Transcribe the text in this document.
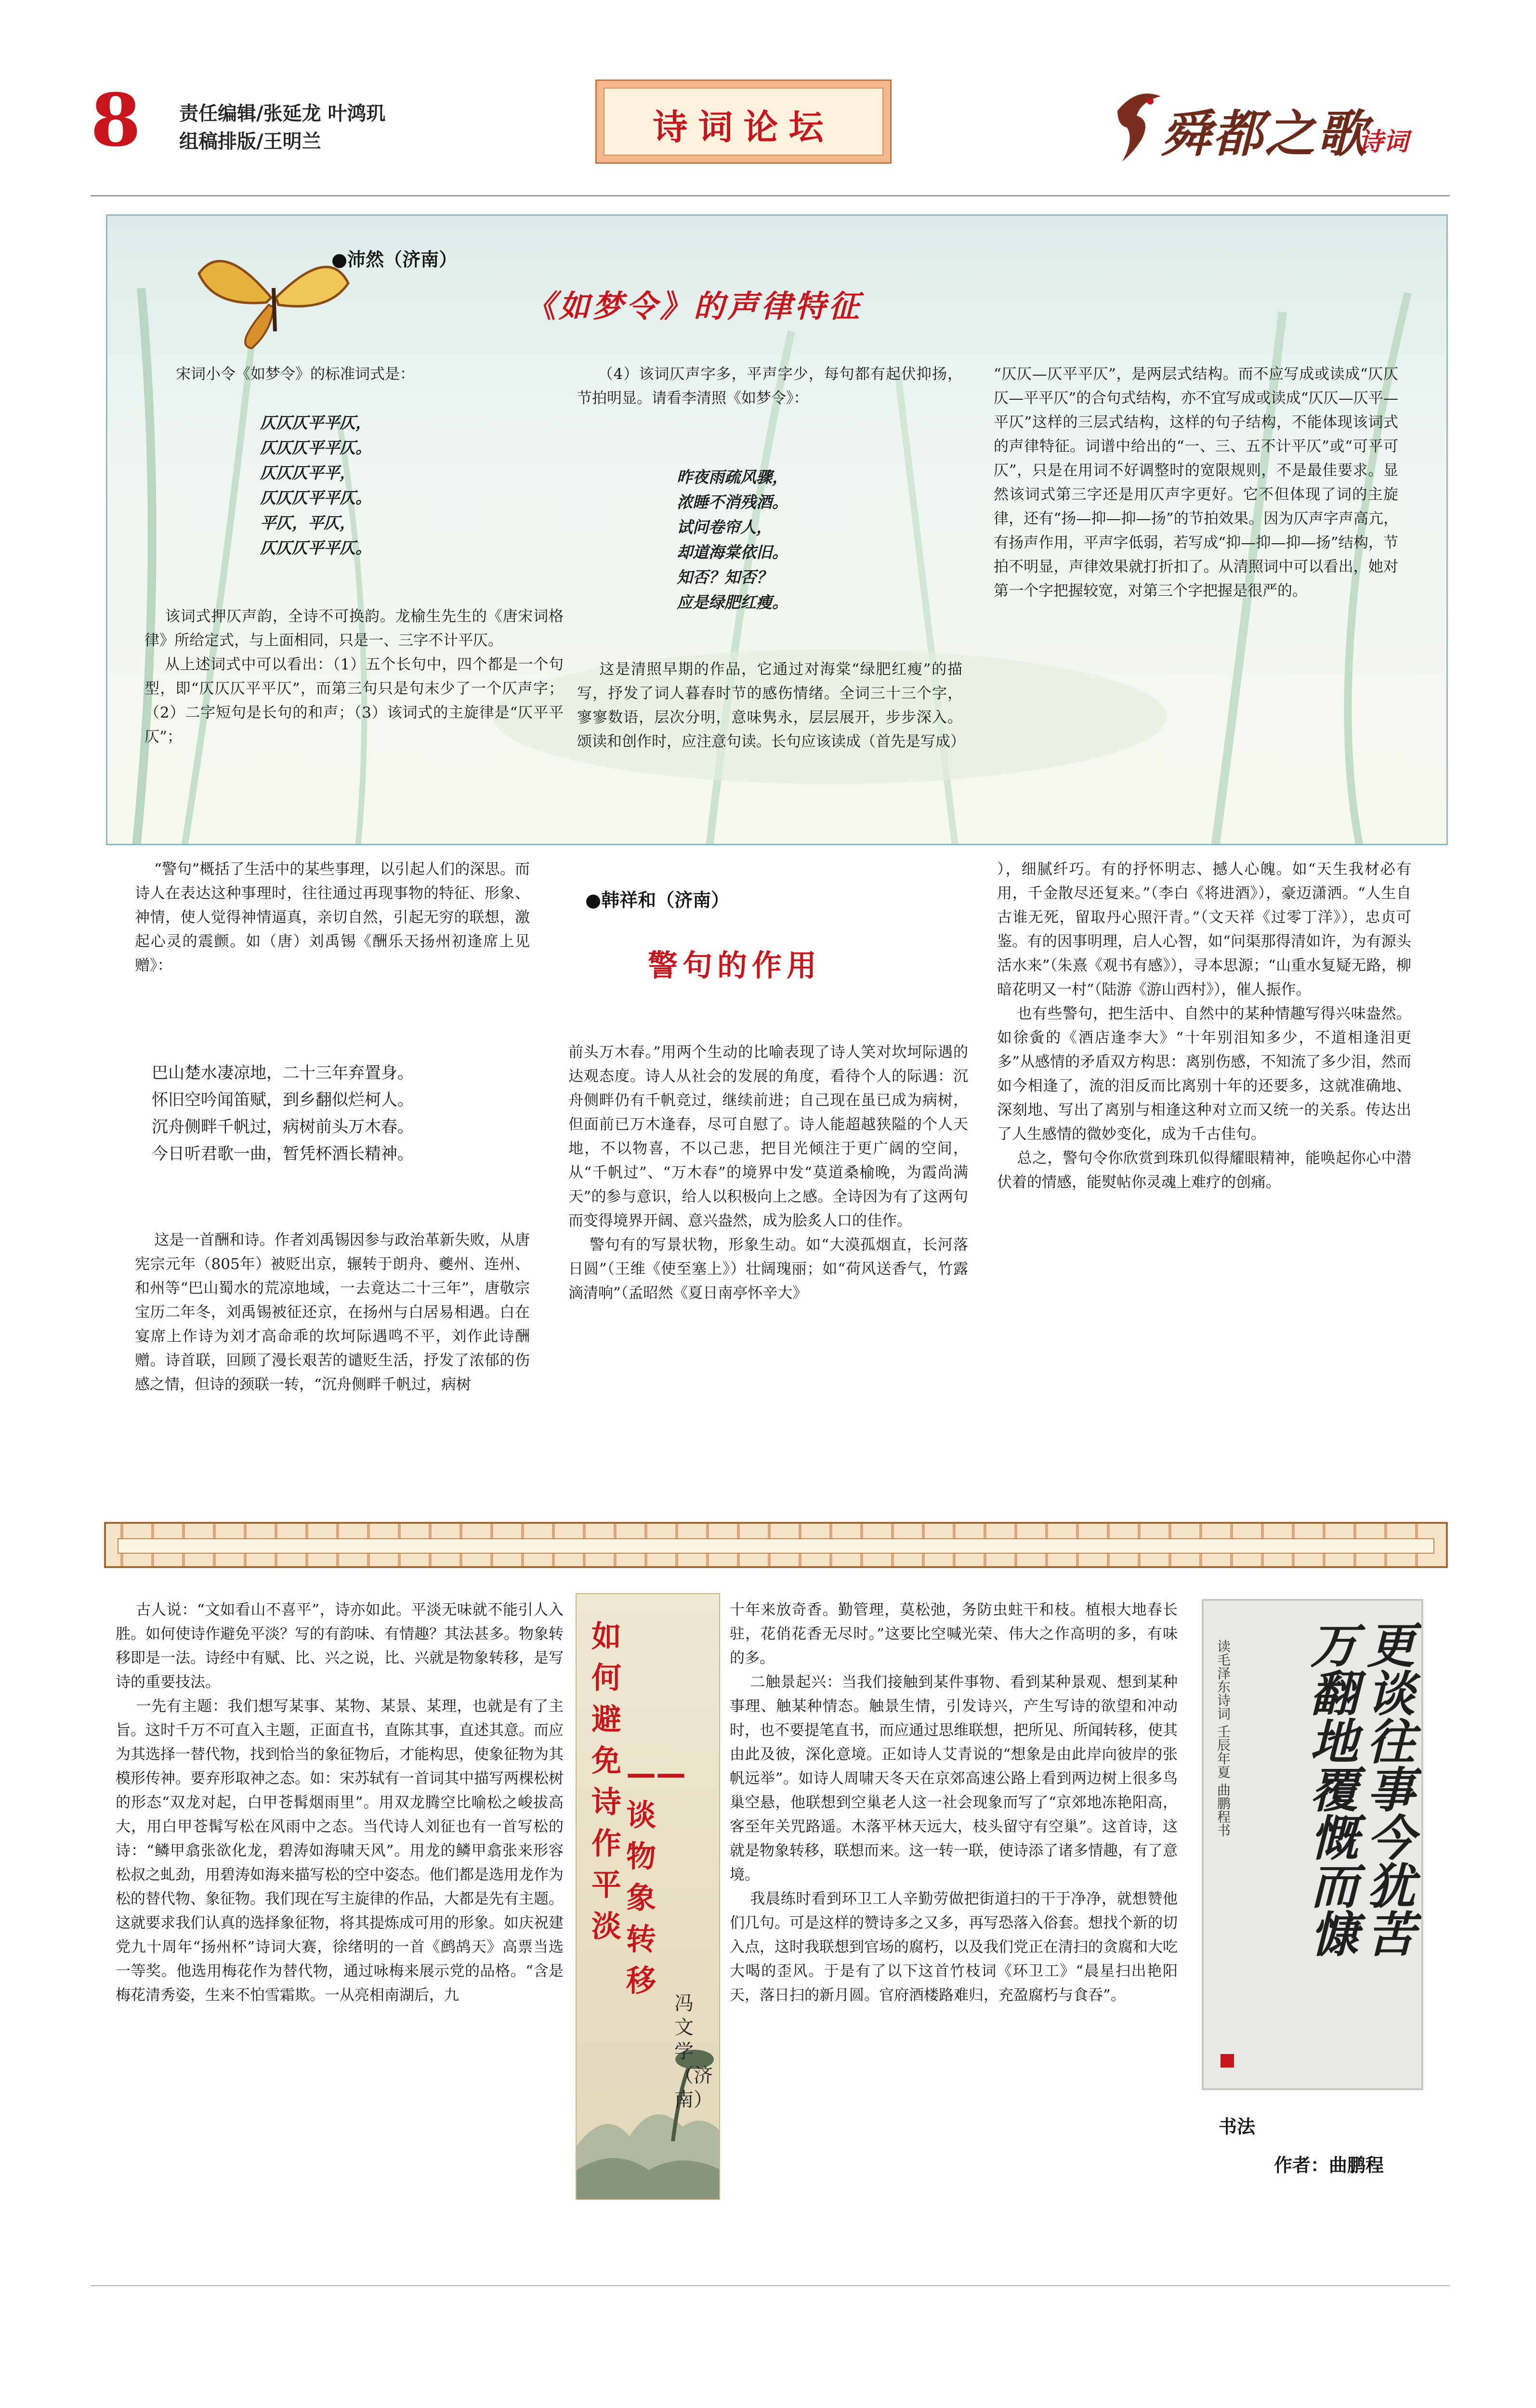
8 责任编辑/张延龙 叶鸿玑
组稿排版/王明兰	诗词论坛	舜都之歌
诗词
●沛然（济南）
《如梦令》的声律特征
宋词小令《如梦令》的标准词式是：
仄仄仄平平仄，
仄仄仄平平仄。
仄仄仄平平，
仄仄仄平平仄。
平仄，平仄，
仄仄仄平平仄。
该词式押仄声韵，全诗不可换韵。龙榆生先生的《唐宋词格律》所给定式，与上面相同，只是一、三字不计平仄。
从上述词式中可以看出：（1）五个长句中，四个都是一个句型，即“仄仄仄平平仄”，而第三句只是句末少了一个仄声字；（2）二字短句是长句的和声；（3）该词式的主旋律是“仄平平仄”；
（4）该词仄声字多，平声字少，每句都有起伏抑扬，节拍明显。请看李清照《如梦令》：
昨夜雨疏风骤，
浓睡不消残酒。
试问卷帘人，
却道海棠依旧。
知否？知否？
应是绿肥红瘦。
这是清照早期的作品，它通过对海棠“绿肥红瘦”的描写，抒发了词人暮春时节的感伤情绪。全词三十三个字，寥寥数语，层次分明，意味隽永，层层展开，步步深入。颂读和创作时，应注意句读。长句应该读成（首先是写成）
“仄仄—仄平平仄”，是两层式结构。而不应写成或读成“仄仄仄—平平仄”的合句式结构，亦不宜写成或读成“仄仄—仄平—平仄”这样的三层式结构，这样的句子结构，不能体现该词式的声律特征。词谱中给出的“一、三、五不计平仄”或“可平可仄”，只是在用词不好调整时的宽限规则，不是最佳要求。显然该词式第三字还是用仄声字更好。它不但体现了词的主旋律，还有“扬—抑—抑—扬”的节拍效果。因为仄声字声高亢，有扬声作用，平声字低弱，若写成“抑—抑—抑—扬”结构，节拍不明显，声律效果就打折扣了。从清照词中可以看出，她对第一个字把握较宽，对第三个字把握是很严的。
“警句”概括了生活中的某些事理，以引起人们的深思。而诗人在表达这种事理时，往往通过再现事物的特征、形象、神情，使人觉得神情逼真，亲切自然，引起无穷的联想，激起心灵的震颤。如（唐）刘禹锡《酬乐天扬州初逢席上见赠》：
巴山楚水凄凉地，二十三年弃置身。
怀旧空吟闻笛赋，到乡翻似烂柯人。
沉舟侧畔千帆过，病树前头万木春。
今日听君歌一曲，暂凭杯酒长精神。
这是一首酬和诗。作者刘禹锡因参与政治革新失败，从唐宪宗元年（805年）被贬出京，辗转于朗舟、夔州、连州、和州等“巴山蜀水的荒凉地域，一去竟达二十三年”，唐敬宗宝历二年冬，刘禹锡被征还京，在扬州与白居易相遇。白在宴席上作诗为刘才高命乖的坎坷际遇鸣不平，刘作此诗酬赠。诗首联，回顾了漫长艰苦的谴贬生活，抒发了浓郁的伤感之情，但诗的颈联一转，“沉舟侧畔千帆过，病树
●韩祥和（济南）
警句的作用
前头万木春。”用两个生动的比喻表现了诗人笑对坎坷际遇的达观态度。诗人从社会的发展的角度，看待个人的际遇：沉舟侧畔仍有千帆竞过，继续前进；自己现在虽已成为病树，但面前已万木逢春，尽可自慰了。诗人能超越狭隘的个人天地，不以物喜，不以己悲，把目光倾注于更广阔的空间，从“千帆过”、“万木春”的境界中发“莫道桑榆晚，为霞尚满天”的参与意识，给人以积极向上之感。全诗因为有了这两句而变得境界开阔、意兴盎然，成为脍炙人口的佳作。
警句有的写景状物，形象生动。如“大漠孤烟直，长河落日圆”（王维《使至塞上》）壮阔瑰丽；如“荷风送香气，竹露滴清响”（孟昭然《夏日南亭怀辛大》
），细腻纤巧。有的抒怀明志、撼人心魄。如“天生我材必有用，千金散尽还复来。”（李白《将进酒》），豪迈潇洒。“人生自古谁无死，留取丹心照汗青。”（文天祥《过零丁洋》），忠贞可鉴。有的因事明理，启人心智，如“问渠那得清如许，为有源头活水来”（朱熹《观书有感》），寻本思源；“山重水复疑无路，柳暗花明又一村”（陆游《游山西村》），催人振作。
也有些警句，把生活中、自然中的某种情趣写得兴味盎然。如徐夤的《酒店逢李大》“十年别泪知多少，不道相逢泪更多”从感情的矛盾双方构思：离别伤感，不知流了多少泪，然而如今相逢了，流的泪反而比离别十年的还要多，这就准确地、深刻地、写出了离别与相逢这种对立而又统一的关系。传达出了人生感情的微妙变化，成为千古佳句。
总之，警句令你欣赏到珠玑似得耀眼精神，能唤起你心中潜伏着的情感，能熨帖你灵魂上难疗的创痛。
古人说：“文如看山不喜平”，诗亦如此。平淡无味就不能引人入胜。如何使诗作避免平淡？写的有韵味、有情趣？其法甚多。物象转移即是一法。诗经中有赋、比、兴之说，比、兴就是物象转移，是写诗的重要技法。
一先有主题：我们想写某事、某物、某景、某理，也就是有了主旨。这时千万不可直入主题，正面直书，直陈其事，直述其意。而应为其选择一替代物，找到恰当的象征物后，才能构思，使象征物为其模形传神。要弃形取神之态。如：宋苏轼有一首词其中描写两棵松树的形态“双龙对起，白甲苍髯烟雨里”。用双龙腾空比喻松之峻拔高大，用白甲苍髯写松在风雨中之态。当代诗人刘征也有一首写松的诗：“鳞甲翕张欲化龙，碧涛如海啸天风”。用龙的鳞甲翕张来形容松叔之虬劲，用碧涛如海来描写松的空中姿态。他们都是选用龙作为松的替代物、象征物。我们现在写主旋律的作品，大都是先有主题。这就要求我们认真的选择象征物，将其提炼成可用的形象。如庆祝建党九十周年“扬州杯”诗词大赛，徐绪明的一首《鹧鸪天》高票当选一等奖。他选用梅花作为替代物，通过咏梅来展示党的品格。“含是梅花清秀姿，生来不怕雪霜欺。一从亮相南湖后，九
如何避免诗作平淡
——谈物象转移
冯文学（济南）
十年来放奇香。勤管理，莫松弛，务防虫蛀干和枝。植根大地春长驻，花俏花香无尽时。”这要比空喊光荣、伟大之作高明的多，有味的多。
二触景起兴：当我们接触到某件事物、看到某种景观、想到某种事理、触某种情态。触景生情，引发诗兴，产生写诗的欲望和冲动时，也不要提笔直书，而应通过思维联想，把所见、所闻转移，使其由此及彼，深化意境。正如诗人艾青说的“想象是由此岸向彼岸的张帆远举”。如诗人周啸天冬天在京郊高速公路上看到两边树上很多鸟巢空悬，他联想到空巢老人这一社会现象而写了“京郊地冻艳阳高，客至年关咒路遥。木落平林天远大，枝头留守有空巢”。这首诗，这就是物象转移，联想而来。这一转一联，使诗添了诸多情趣，有了意境。
我晨练时看到环卫工人辛勤劳做把街道扫的干于净净，就想赞他们几句。可是这样的赞诗多之又多，再写恐落入俗套。想找个新的切入点，这时我联想到官场的腐朽，以及我们党正在清扫的贪腐和大吃大喝的歪风。于是有了以下这首竹枝词《环卫工》“晨星扫出艳阳天，落日扫的新月圆。官府酒楼路难归，充盈腐朽与食吞”。
更谈往事今犹苦
万翻地覆慨而慷
读毛泽东诗词 壬辰年夏 曲鹏程书
书法
作者：曲鹏程
